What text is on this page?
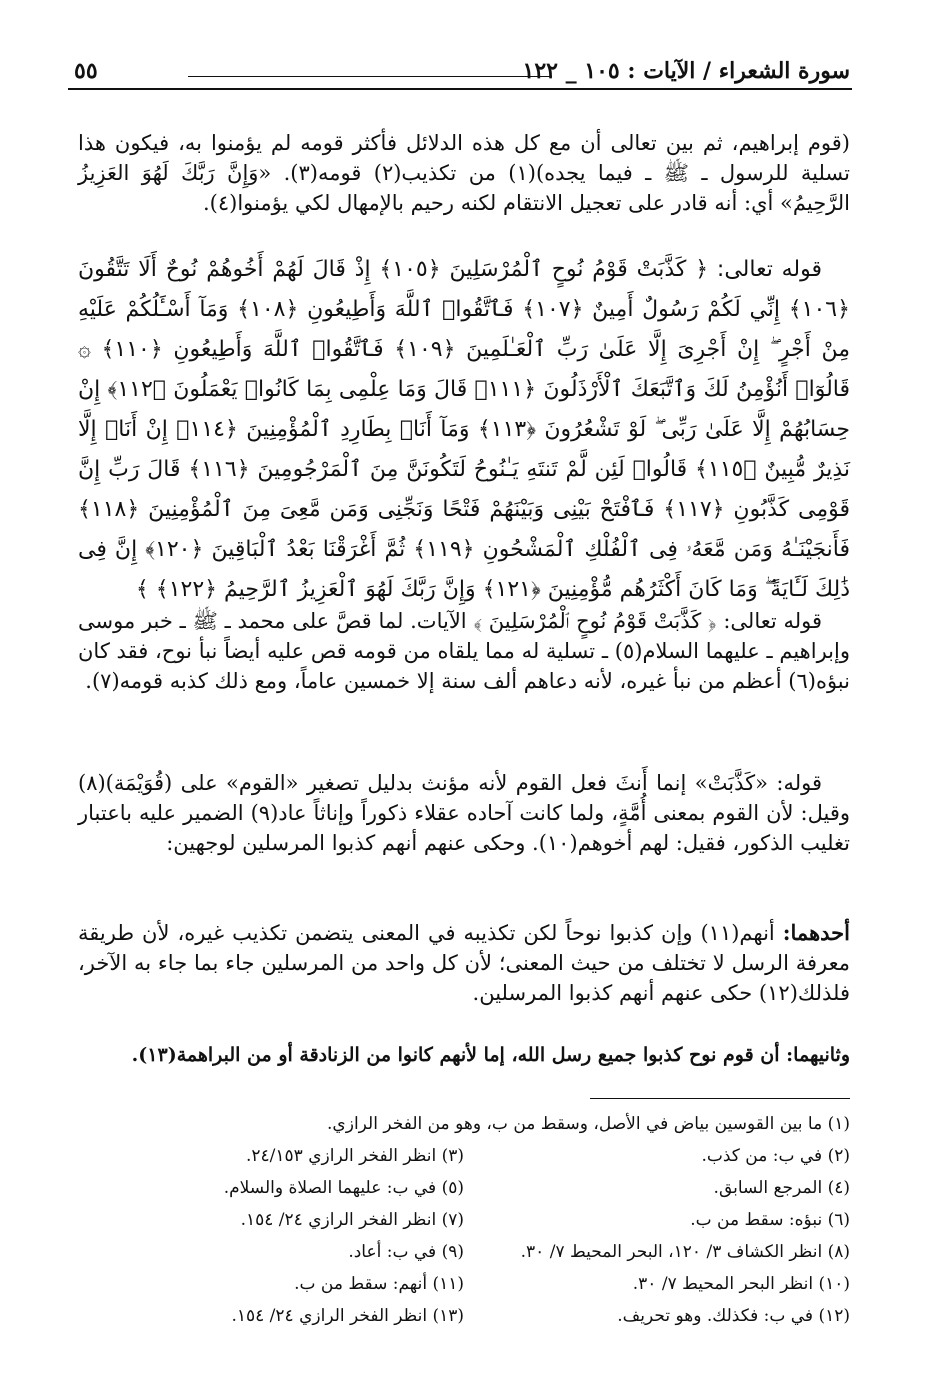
سورة الشعراء / الآيات : ١٠٥ _ ١٢٢
٥٥
(قوم إبراهيم، ثم بين تعالى أن مع كل هذه الدلائل فأكثر قومه لم يؤمنوا به، فيكون هذا تسلية للرسول ـ ﷺ ـ فيما يجده)(١) من تكذيب(٢) قومه(٣). «وَإِنَّ رَبَّكَ لَهُوَ العَزِيزُ الرَّحِيمُ» أي: أنه قادر على تعجيل الانتقام لكنه رحيم بالإمهال لكي يؤمنوا(٤).
قوله تعالى: ﴿ كَذَّبَتْ قَوْمُ نُوحٍ ٱلْمُرْسَلِينَ ﴿١٠٥﴾ إِذْ قَالَ لَهُمْ أَخُوهُمْ نُوحٌ أَلَا تَتَّقُونَ ﴿١٠٦﴾ إِنِّي لَكُمْ رَسُولٌ أَمِينٌ ﴿١٠٧﴾ فَٱتَّقُوا۟ ٱللَّهَ وَأَطِيعُونِ ﴿١٠٨﴾ وَمَآ أَسْـَٔلُكُمْ عَلَيْهِ مِنْ أَجْرٍ ۖ إِنْ أَجْرِىَ إِلَّا عَلَىٰ رَبِّ ٱلْعَـٰلَمِينَ ﴿١٠٩﴾ فَٱتَّقُوا۟ ٱللَّهَ وَأَطِيعُونِ ﴿١١٠﴾ ۞ قَالُوٓا۟ أَنُؤْمِنُ لَكَ وَٱتَّبَعَكَ ٱلْأَرْذَلُونَ ﴿١١١﴾ قَالَ وَمَا عِلْمِى بِمَا كَانُوا۟ يَعْمَلُونَ ﴿١١٢﴾ إِنْ حِسَابُهُمْ إِلَّا عَلَىٰ رَبِّى ۖ لَوْ تَشْعُرُونَ ﴿١١٣﴾ وَمَآ أَنَا۠ بِطَارِدِ ٱلْمُؤْمِنِينَ ﴿١١٤﴾ إِنْ أَنَا۠ إِلَّا نَذِيرٌ مُّبِينٌ ﴿١١٥﴾ قَالُوا۟ لَئِن لَّمْ تَنتَهِ يَـٰنُوحُ لَتَكُونَنَّ مِنَ ٱلْمَرْجُومِينَ ﴿١١٦﴾ قَالَ رَبِّ إِنَّ قَوْمِى كَذَّبُونِ ﴿١١٧﴾ فَٱفْتَحْ بَيْنِى وَبَيْنَهُمْ فَتْحًا وَنَجِّنِى وَمَن مَّعِىَ مِنَ ٱلْمُؤْمِنِينَ ﴿١١٨﴾ فَأَنجَيْنَـٰهُ وَمَن مَّعَهُۥ فِى ٱلْفُلْكِ ٱلْمَشْحُونِ ﴿١١٩﴾ ثُمَّ أَغْرَقْنَا بَعْدُ ٱلْبَاقِينَ ﴿١٢٠﴾ إِنَّ فِى ذَٰلِكَ لَـَٔايَةً ۖ وَمَا كَانَ أَكْثَرُهُم مُّؤْمِنِينَ ﴿١٢١﴾ وَإِنَّ رَبَّكَ لَهُوَ ٱلْعَزِيزُ ٱلرَّحِيمُ ﴿١٢٢﴾ ﴾
قوله تعالى: ﴿ كَذَّبَتْ قَوْمُ نُوحٍ ٱلْمُرْسَلِينَ ﴾ الآيات. لما قصَّ على محمد ـ ﷺ ـ خبر موسى وإبراهيم ـ عليهما السلام(٥) ـ تسلية له مما يلقاه من قومه قص عليه أيضاً نبأ نوح، فقد كان نبؤه(٦) أعظم من نبأ غيره، لأنه دعاهم ألف سنة إلا خمسين عاماً، ومع ذلك كذبه قومه(٧).
قوله: «كَذَّبَتْ» إنما أَنثَ فعل القوم لأنه مؤنث بدليل تصغير «القوم» على (قُوَيْمَة)(٨) وقيل: لأن القوم بمعنى أُمَّةٍ، ولما كانت آحاده عقلاء ذكوراً وإناثاً عاد(٩) الضمير عليه باعتبار تغليب الذكور، فقيل: لهم أخوهم(١٠). وحكى عنهم أنهم كذبوا المرسلين لوجهين:
أحدهما: أنهم(١١) وإن كذبوا نوحاً لكن تكذيبه في المعنى يتضمن تكذيب غيره، لأن طريقة معرفة الرسل لا تختلف من حيث المعنى؛ لأن كل واحد من المرسلين جاء بما جاء به الآخر، فلذلك(١٢) حكى عنهم أنهم كذبوا المرسلين.
وثانيهما: أن قوم نوح كذبوا جميع رسل الله، إما لأنهم كانوا من الزنادقة أو من البراهمة(١٣).
(١) ما بين القوسين بياض في الأصل، وسقط من ب، وهو من الفخر الرازي.
(٢) في ب: من كذب.
(٣) انظر الفخر الرازي ٢٤/١٥٣.
(٤) المرجع السابق.
(٥) في ب: عليهما الصلاة والسلام.
(٦) نبؤه: سقط من ب.
(٧) انظر الفخر الرازي ٢٤/ ١٥٤.
(٨) انظر الكشاف ٣/ ١٢٠، البحر المحيط ٧/ ٣٠.
(٩) في ب: أعاد.
(١٠) انظر البحر المحيط ٧/ ٣٠.
(١١) أنهم: سقط من ب.
(١٢) في ب: فكذلك. وهو تحريف.
(١٣) انظر الفخر الرازي ٢٤/ ١٥٤.
